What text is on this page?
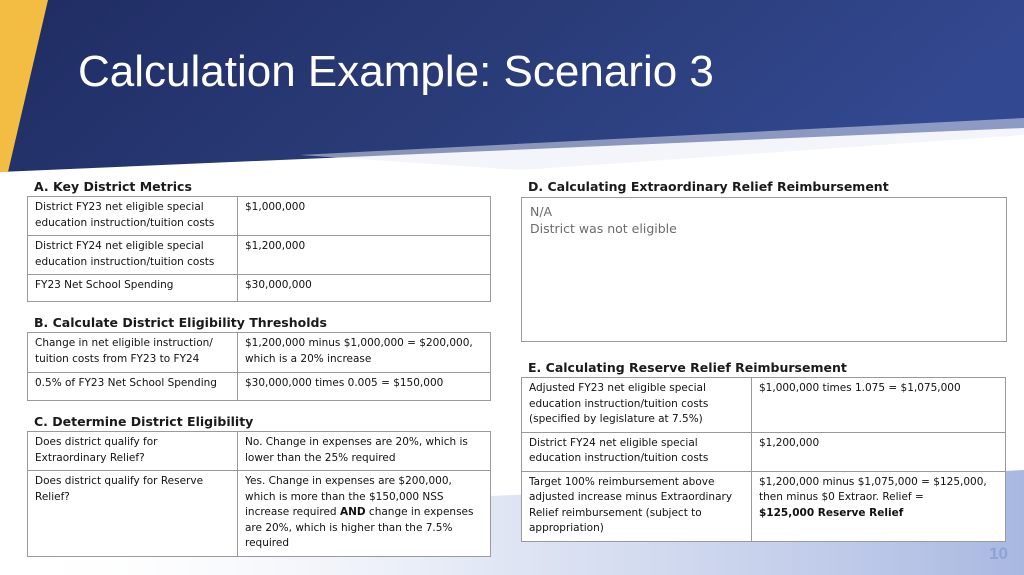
Calculation Example: Scenario 3
A. Key District Metrics
District FY23 net eligible special education instruction/tuition costs	$1,000,000
District FY24 net eligible special education instruction/tuition costs	$1,200,000
FY23 Net School Spending	$30,000,000
B. Calculate District Eligibility Thresholds
Change in net eligible instruction/ tuition costs from FY23 to FY24	$1,200,000 minus $1,000,000 = $200,000, which is a 20% increase
0.5% of FY23 Net School Spending	$30,000,000 times 0.005 = $150,000
C. Determine District Eligibility
Does district qualify for Extraordinary Relief?	No. Change in expenses are 20%, which is lower than the 25% required
Does district qualify for Reserve Relief?	Yes. Change in expenses are $200,000, which is more than the $150,000 NSS increase required AND change in expenses are 20%, which is higher than the 7.5% required
D. Calculating Extraordinary Relief Reimbursement
N/A
District was not eligible
E. Calculating Reserve Relief Reimbursement
Adjusted FY23 net eligible special education instruction/tuition costs (specified by legislature at 7.5%)	$1,000,000 times 1.075 = $1,075,000
District FY24 net eligible special education instruction/tuition costs	$1,200,000
Target 100% reimbursement above adjusted increase minus Extraordinary Relief reimbursement (subject to appropriation)	$1,200,000 minus $1,075,000 = $125,000, then minus $0 Extraor. Relief =
$125,000 Reserve Relief
10
